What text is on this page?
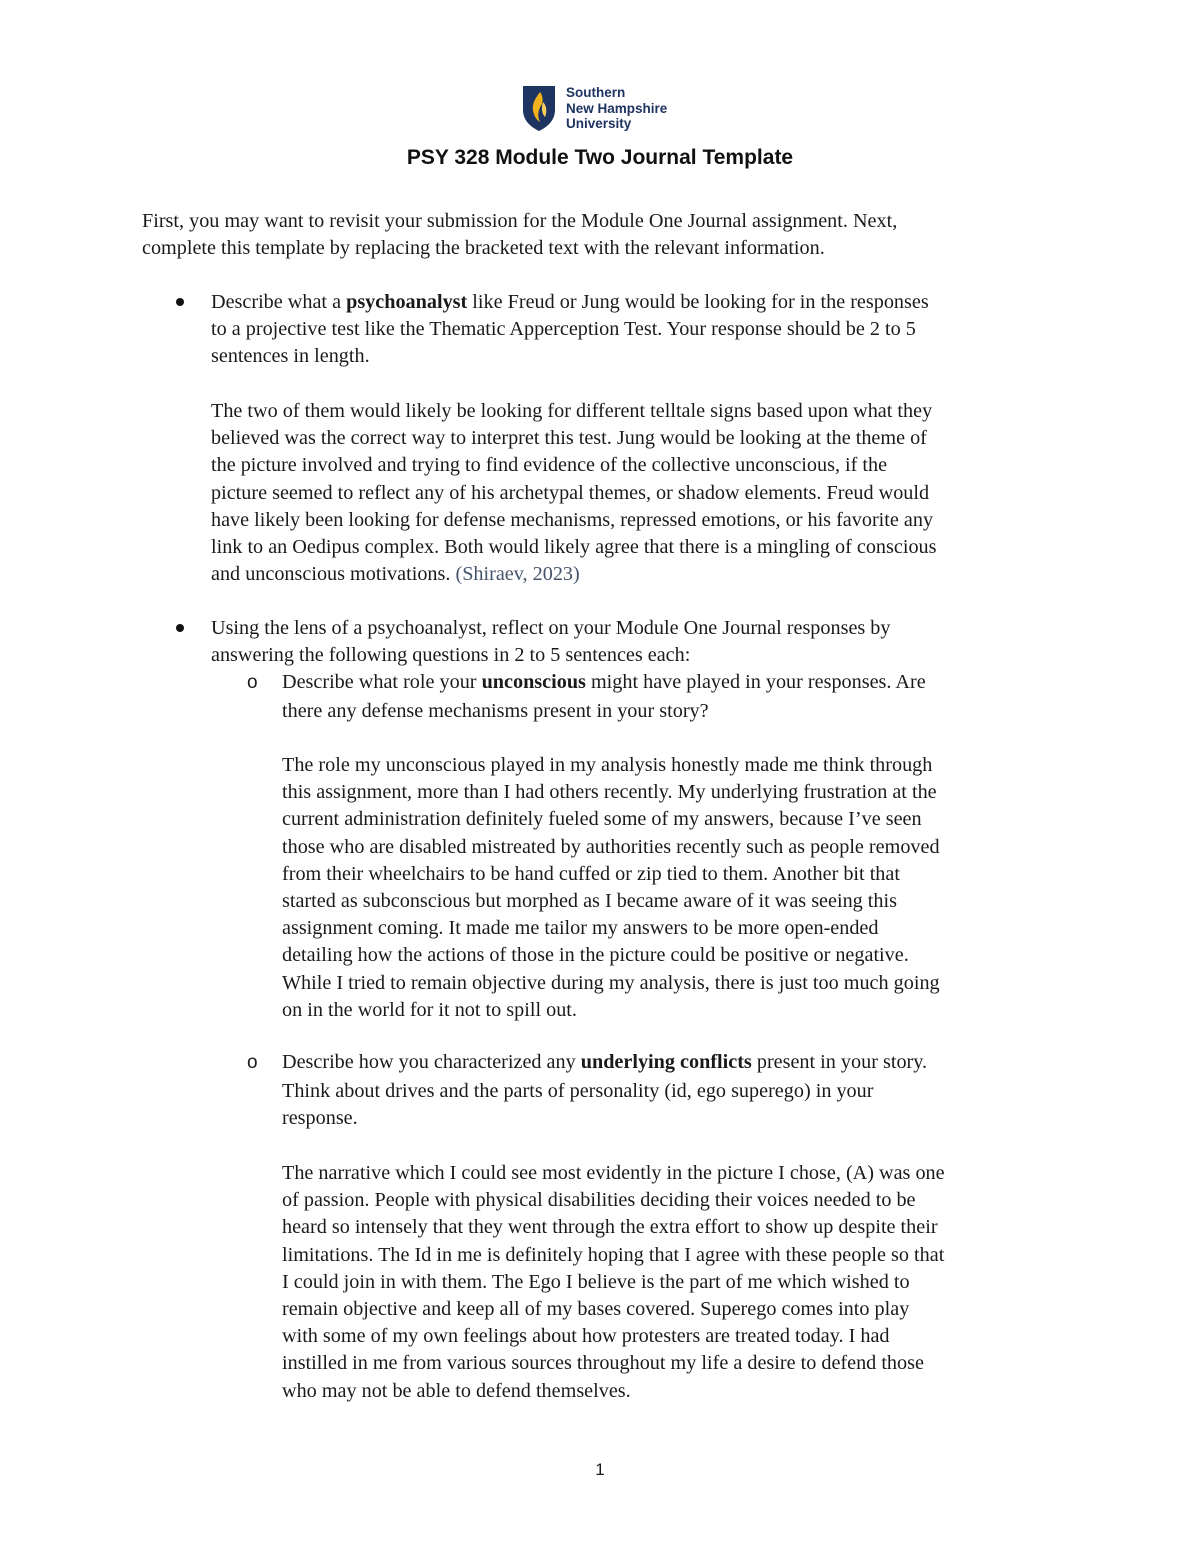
Southern
New Hampshire
University
PSY 328 Module Two Journal Template
First, you may want to revisit your submission for the Module One Journal assignment. Next,
complete this template by replacing the bracketed text with the relevant information.
Describe what a psychoanalyst like Freud or Jung would be looking for in the responses
to a projective test like the Thematic Apperception Test. Your response should be 2 to 5
sentences in length.
The two of them would likely be looking for different telltale signs based upon what they
believed was the correct way to interpret this test. Jung would be looking at the theme of
the picture involved and trying to find evidence of the collective unconscious, if the
picture seemed to reflect any of his archetypal themes, or shadow elements. Freud would
have likely been looking for defense mechanisms, repressed emotions, or his favorite any
link to an Oedipus complex. Both would likely agree that there is a mingling of conscious
and unconscious motivations. (Shiraev, 2023)
Using the lens of a psychoanalyst, reflect on your Module One Journal responses by
answering the following questions in 2 to 5 sentences each:
o Describe what role your unconscious might have played in your responses. Are
there any defense mechanisms present in your story?
The role my unconscious played in my analysis honestly made me think through
this assignment, more than I had others recently. My underlying frustration at the
current administration definitely fueled some of my answers, because I’ve seen
those who are disabled mistreated by authorities recently such as people removed
from their wheelchairs to be hand cuffed or zip tied to them. Another bit that
started as subconscious but morphed as I became aware of it was seeing this
assignment coming. It made me tailor my answers to be more open-ended
detailing how the actions of those in the picture could be positive or negative.
While I tried to remain objective during my analysis, there is just too much going
on in the world for it not to spill out.
o Describe how you characterized any underlying conflicts present in your story.
Think about drives and the parts of personality (id, ego superego) in your
response.
The narrative which I could see most evidently in the picture I chose, (A) was one
of passion. People with physical disabilities deciding their voices needed to be
heard so intensely that they went through the extra effort to show up despite their
limitations. The Id in me is definitely hoping that I agree with these people so that
I could join in with them. The Ego I believe is the part of me which wished to
remain objective and keep all of my bases covered. Superego comes into play
with some of my own feelings about how protesters are treated today. I had
instilled in me from various sources throughout my life a desire to defend those
who may not be able to defend themselves.
1
